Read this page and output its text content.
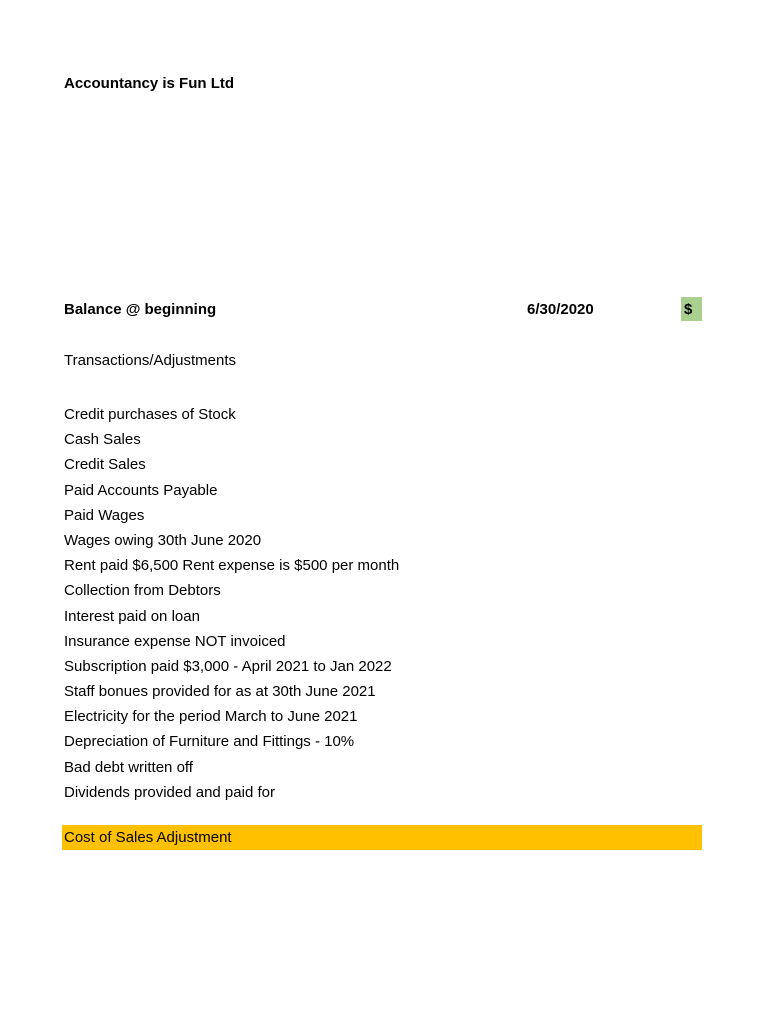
Accountancy is Fun Ltd
Balance @ beginning	6/30/2020	$
Transactions/Adjustments
Credit purchases of Stock
Cash Sales
Credit Sales
Paid Accounts Payable
Paid Wages
Wages owing 30th June 2020
Rent paid $6,500 Rent expense is $500 per month
Collection from Debtors
Interest paid on loan
Insurance expense NOT invoiced
Subscription paid $3,000 - April 2021 to Jan 2022
Staff bonues provided for as at 30th June 2021
Electricity for the period March to June 2021
Depreciation of Furniture and Fittings - 10%
Bad debt written off
Dividends provided and paid for
Cost of Sales Adjustment
